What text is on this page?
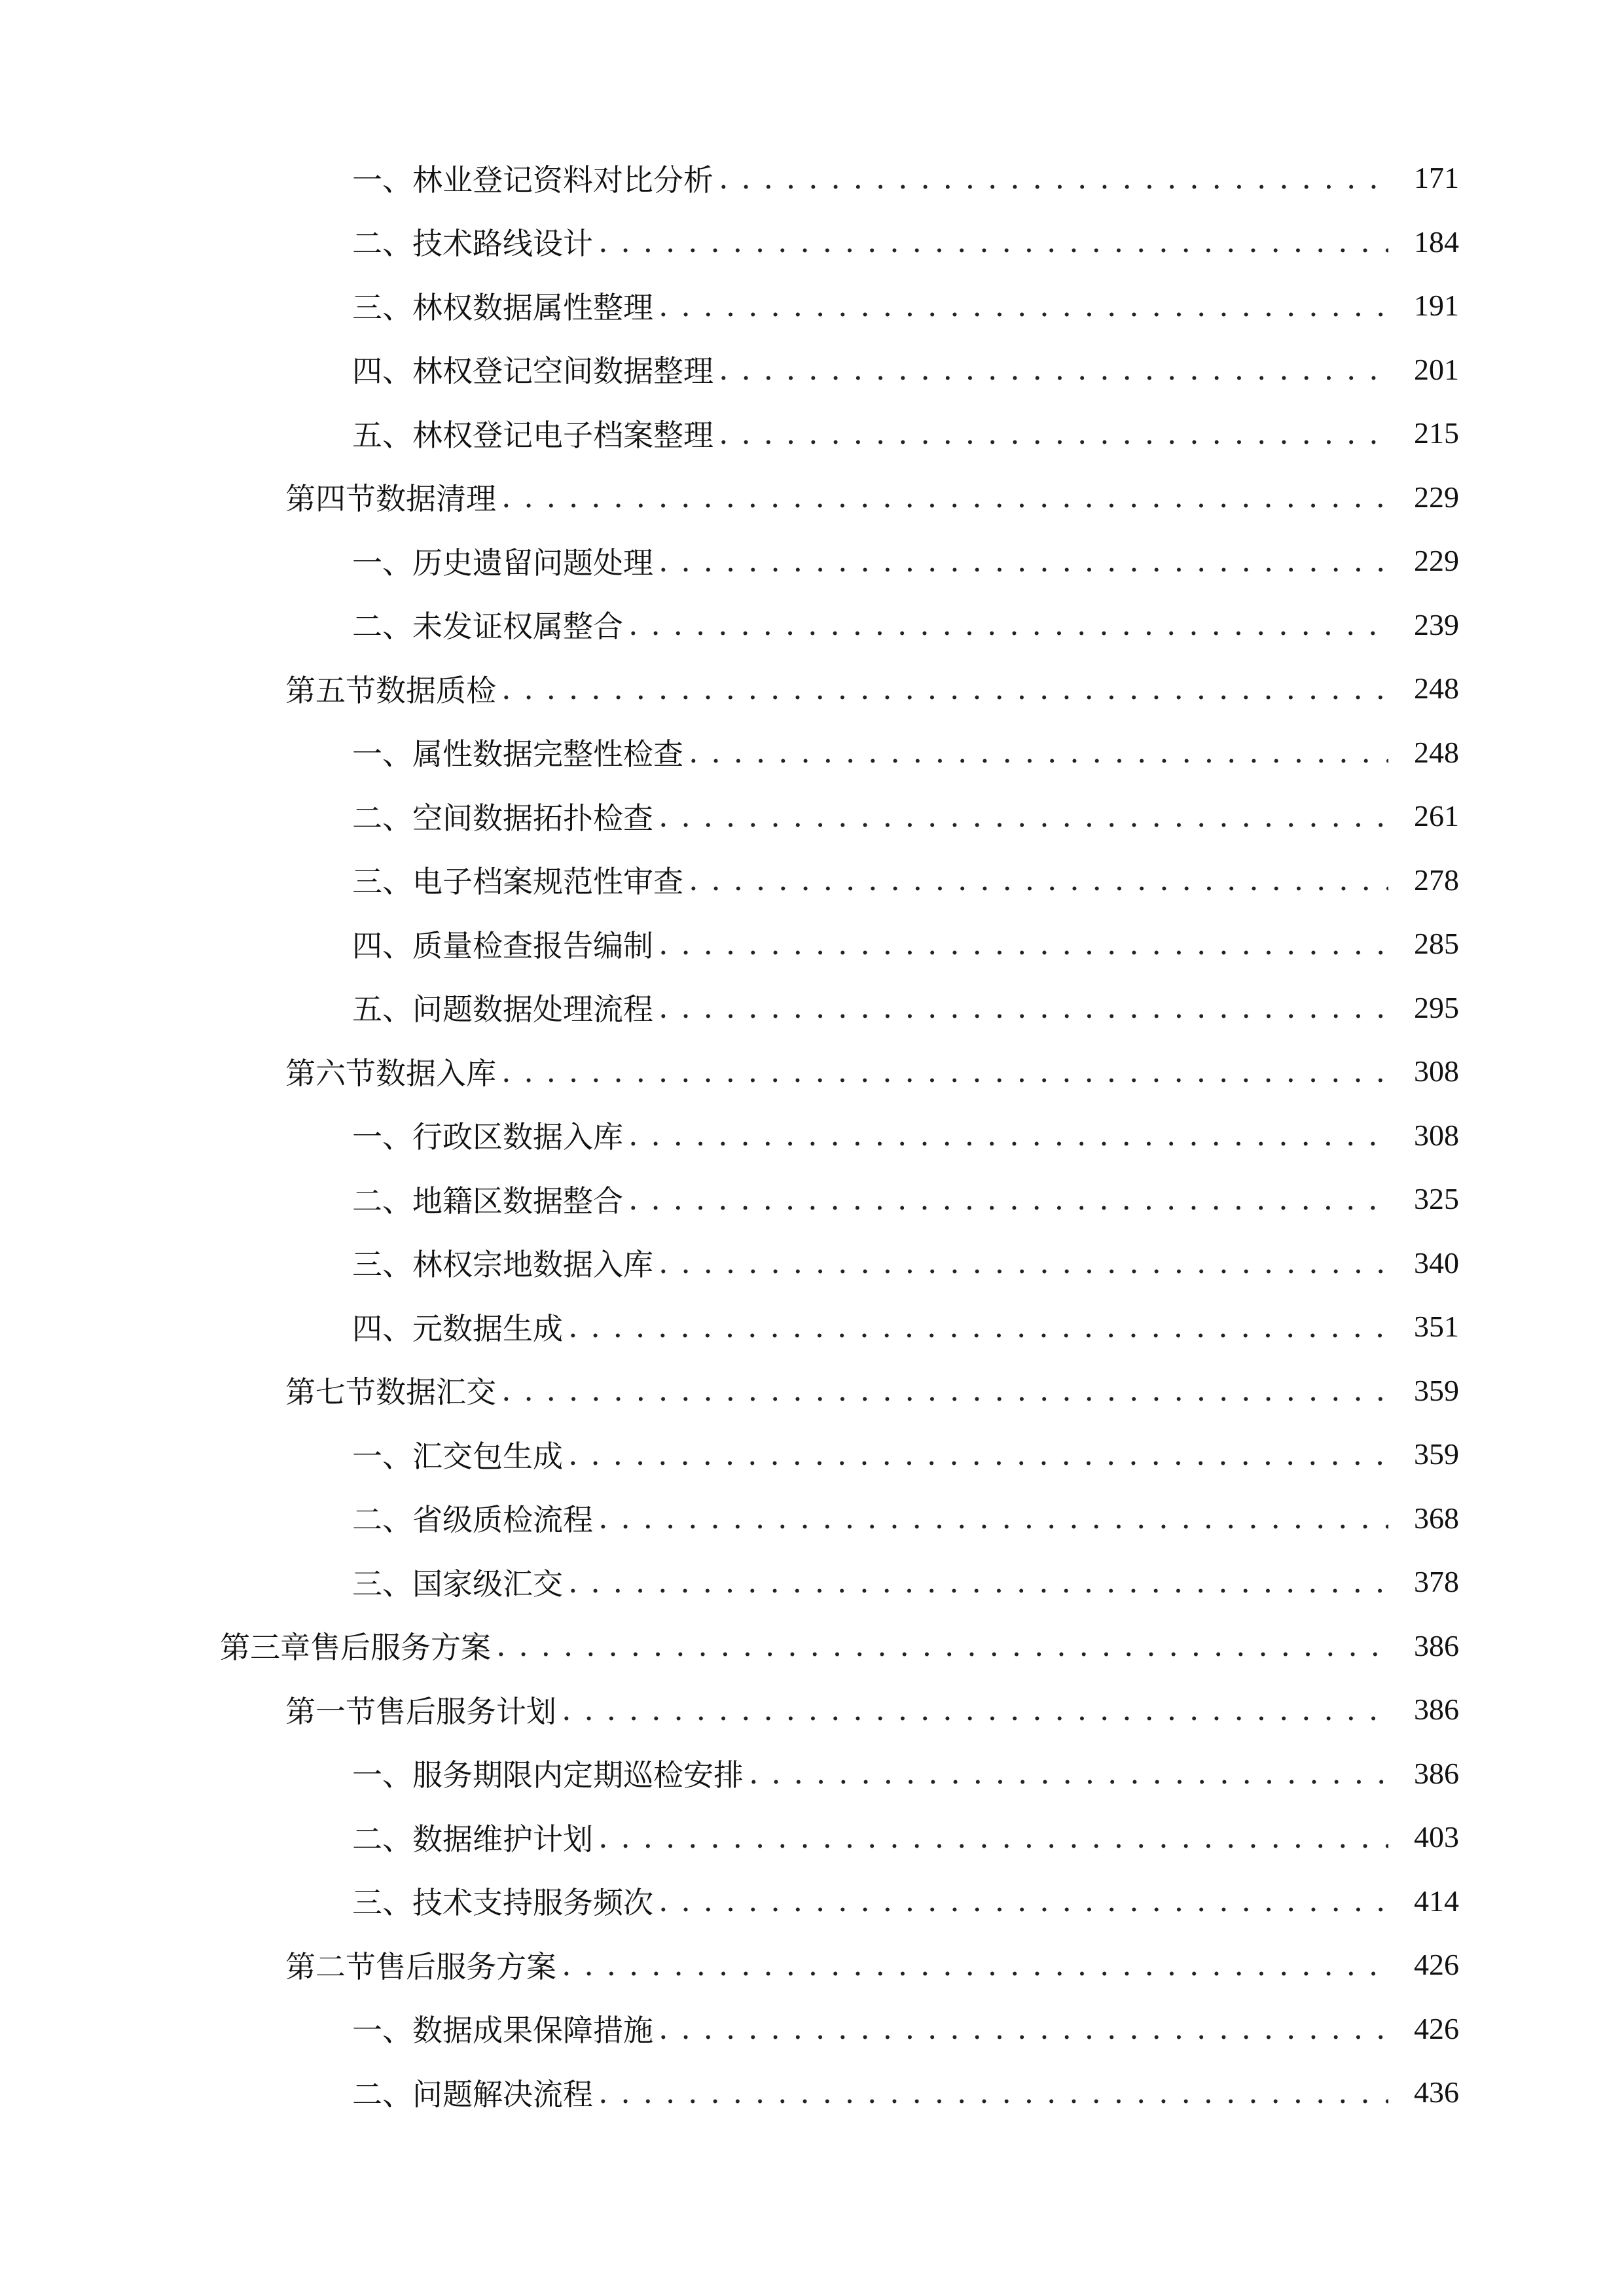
一、 林业登记资料对比分析 . . .	171
二、 技术路线设计 . . .	184
三、 林权数据属性整理 . . .	191
四、 林权登记空间数据整理 . . .	201
五、 林权登记电子档案整理 . . .	215
第四节 数据清理 . . .	229
一、 历史遗留问题处理 . . .	229
二、 未发证权属整合 . . .	239
第五节 数据质检 . . .	248
一、 属性数据完整性检查 . . .	248
二、 空间数据拓扑检查 . . .	261
三、 电子档案规范性审查 . . .	278
四、 质量检查报告编制 . . .	285
五、 问题数据处理流程 . . .	295
第六节 数据入库 . . .	308
一、 行政区数据入库 . . .	308
二、 地籍区数据整合 . . .	325
三、 林权宗地数据入库 . . .	340
四、 元数据生成 . . .	351
第七节 数据汇交 . . .	359
一、 汇交包生成 . . .	359
二、 省级质检流程 . . .	368
三、 国家级汇交 . . .	378
第三章 售后服务方案 . . .	386
第一节 售后服务计划 . . .	386
一、 服务期限内定期巡检安排 . . .	386
二、 数据维护计划 . . .	403
三、 技术支持服务频次 . . .	414
第二节 售后服务方案 . . .	426
一、 数据成果保障措施 . . .	426
二、 问题解决流程 . . .	436
